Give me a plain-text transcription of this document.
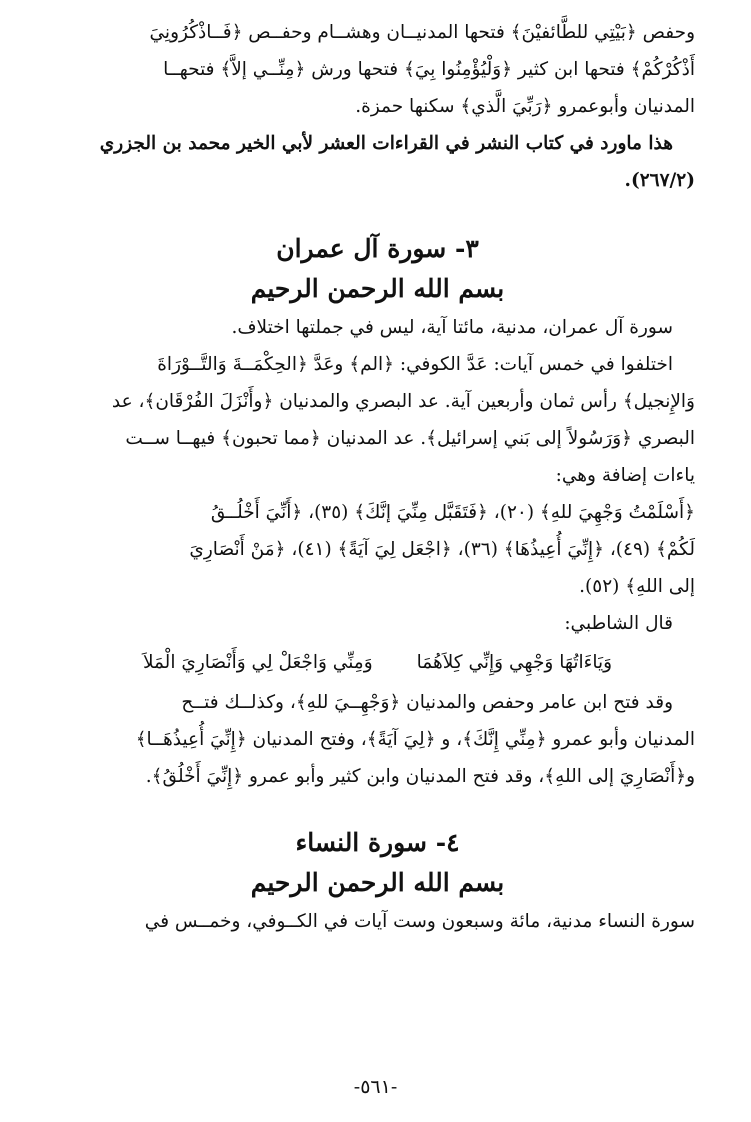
وحفص ﴿بَيْتِي للطَّائفيْنَ﴾ فتحها المدنيــان وهشــام وحفــص ﴿فَــاذْكُرُونِيَ

أَذْكُرْكُمْ﴾ فتحها ابن كثير ﴿وَلْيُؤْمِنُوا بِيَ﴾ فتحها ورش ﴿مِنِّــي إلاَّ﴾ فتحهــا

المدنيان وأبوعمرو ﴿رَبِّيَ الَّذي﴾ سكنها حمزة.

هذا ماورد في كتاب النشر في القراءات العشر لأبي الخير محمد بن الجزري

(٢٦٧/٢).

٣- سورة آل عمران
بسم الله الرحمن الرحيم

سورة آل عمران، مدنية، مائتا آية، ليس في جملتها اختلاف.

اختلفوا في خمس آيات: عَدَّ الكوفي: ﴿الم﴾ وعَدَّ ﴿الحِكْمَــةَ وَالتَّــوْرَاةَ

وَالإِنجيل﴾ رأس ثمان وأربعين آية. عد البصري والمدنيان ﴿وأَنْزَلَ الفُرْقَان﴾، عد

البصري ﴿وَرَسُولاً إلى بَني إسرائيل﴾. عد المدنيان ﴿مما تحبون﴾ فيهــا ســت

ياءات إضافة وهي:

﴿أَسْلَمْتُ وَجْهِيَ للهِ﴾ (٢٠)، ﴿فَتَقَبَّل مِنِّيَ إنَّكَ﴾ (٣٥)، ﴿أَنِّيَ أَخْلُــقُ

لَكُمْ﴾ (٤٩)، ﴿إِنِّيَ أُعِيذُهَا﴾ (٣٦)، ﴿اجْعَل لِيَ آيَةً﴾ (٤١)، ﴿مَنْ أَنْصَارِيَ

إلى اللهِ﴾ (٥٢).

قال الشاطبي:

وَيَاءَاتُهَا وَجْهِي وَإِنِّي كِلاَهُمَا
وَمِنِّي وَاجْعَلْ لِي وَأَنْصَارِيَ الْمَلاَ

وقد فتح ابن عامر وحفص والمدنيان ﴿وَجْهِــيَ للهِ﴾، وكذلــك فتــح

المدنيان وأبو عمرو ﴿مِنِّي إِنَّكَ﴾، و ﴿لِيَ آيَةً﴾، وفتح المدنيان ﴿إِنِّيَ أُعِيذُهَــا﴾

و﴿أَنْصَارِيَ إلى اللهِ﴾، وقد فتح المدنيان وابن كثير وأبو عمرو ﴿إِنِّيَ أَخْلُقُ﴾.

٤- سورة النساء
بسم الله الرحمن الرحيم

سورة النساء مدنية، مائة وسبعون وست آيات في الكــوفي، وخمــس في

-٥٦١-
